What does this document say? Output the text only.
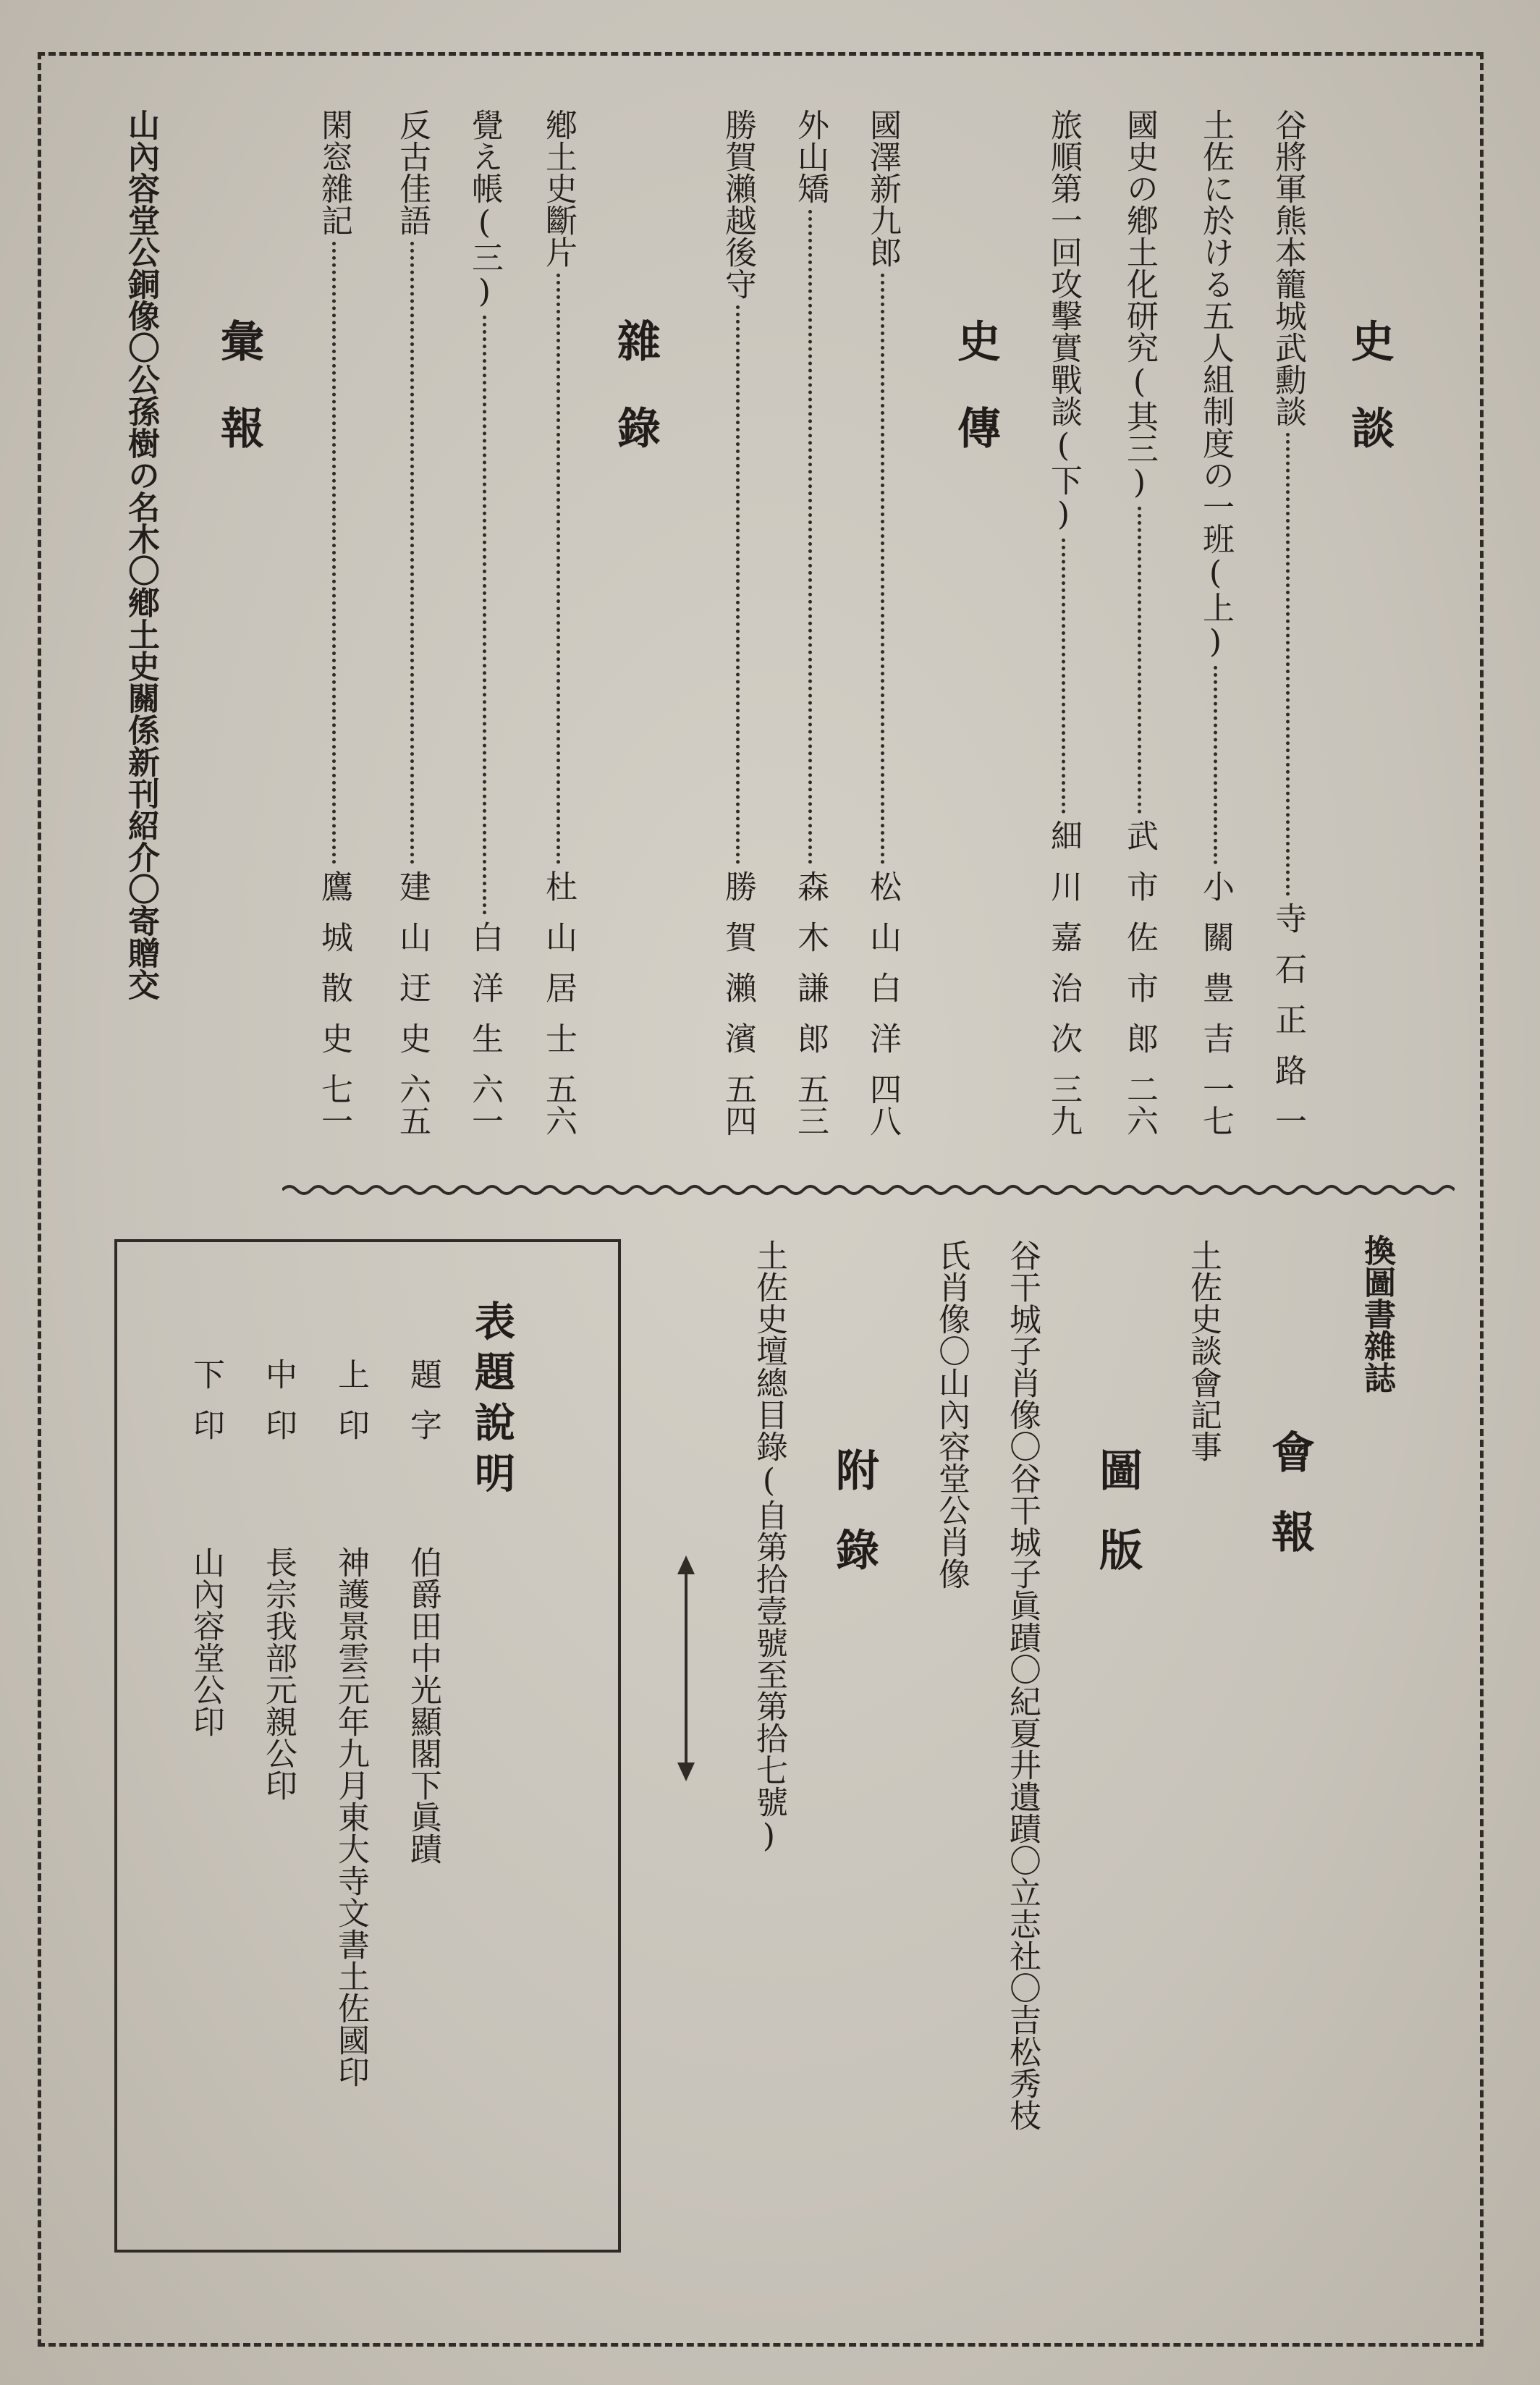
史談
史傳
雜錄
彙報	谷將軍熊本籠城武勳談
寺石正路
一
土佐に於ける五人組制度の一班(上)
小關豊吉
一七
國史の鄕土化研究(其三)
武市佐市郎
二六
旅順第一回攻擊實戰談(下)
細川嘉治次
三九
國澤新九郎
松山白洋
四八
外山矯
森木謙郎
五三
勝賀瀨越後守
勝賀瀨濱
五四
鄕土史斷片
杜山居士
五六
覺え帳(三)
白洋生
六一
反古佳語
建山迂史
六五
閑窓雜記
鷹城散史
七一
山內容堂公銅像〇公孫樹の名木〇鄕土史關係新刊紹介〇寄贈交
換圖書雜誌
會報
土佐史談會記事
圖版
谷干城子肖像〇谷干城子眞蹟〇紀夏井遺蹟〇立志社〇吉松秀枝
氏肖像〇山內容堂公肖像
附錄
土佐史壇總目錄(自第拾壹號至第拾七號)
表題說明
題字
伯爵田中光顯閣下眞蹟
上印
神護景雲元年九月東大寺文書土佐國印
中印
長宗我部元親公印
下印
山內容堂公印
